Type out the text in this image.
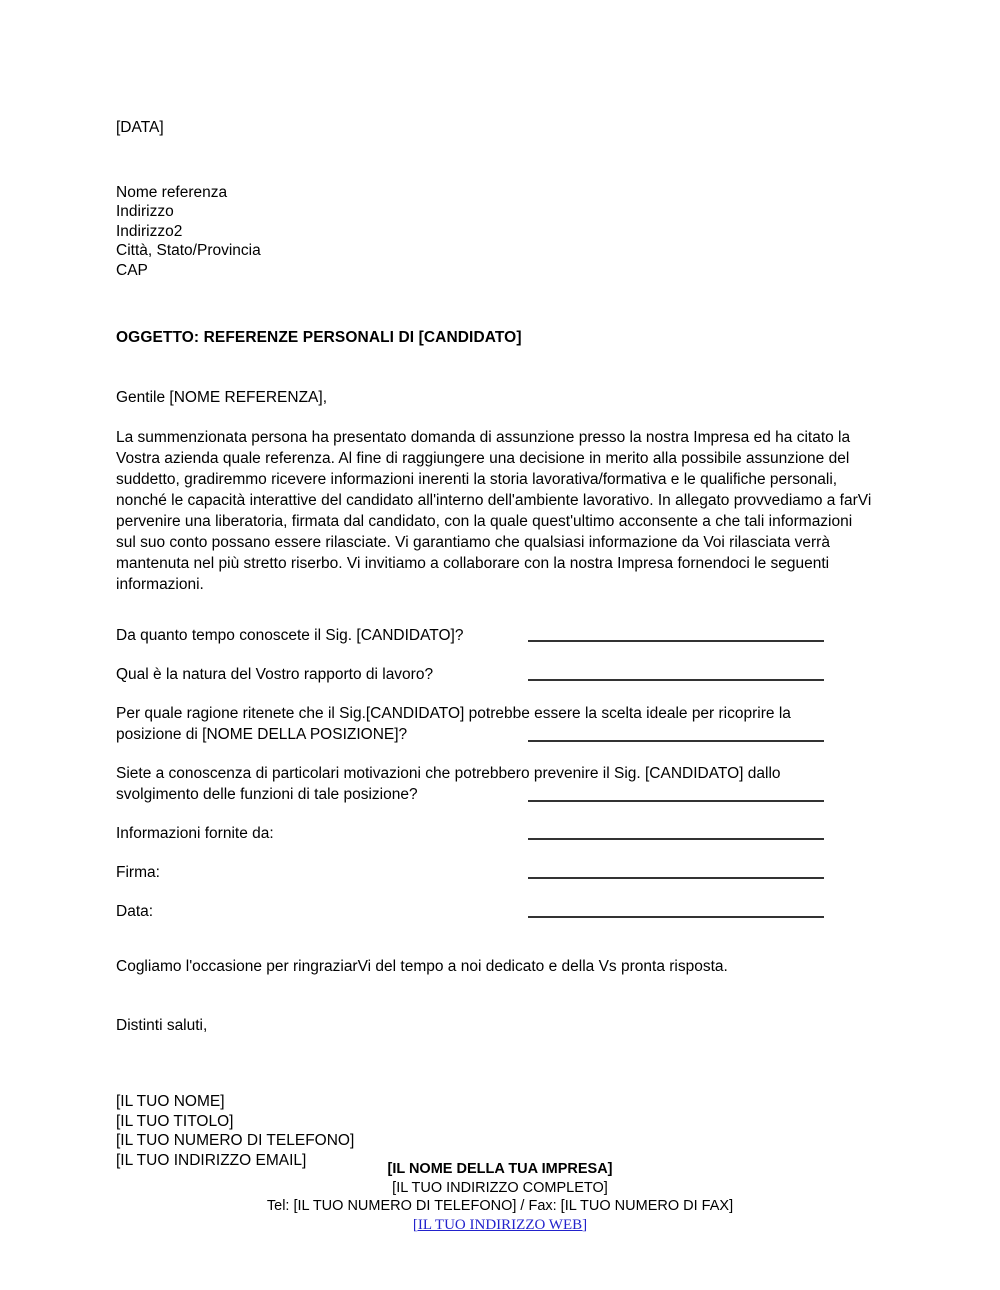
[DATA]
Nome referenza
Indirizzo
Indirizzo2
Città, Stato/Provincia
CAP
OGGETTO: REFERENZE PERSONALI DI [CANDIDATO]
Gentile [NOME REFERENZA],
La summenzionata persona ha presentato domanda di assunzione presso la nostra Impresa ed ha citato la Vostra azienda quale referenza. Al fine di raggiungere una decisione in merito alla possibile assunzione del suddetto, gradiremmo ricevere informazioni inerenti la storia lavorativa/formativa e le qualifiche personali, nonché le capacità interattive del candidato all'interno dell'ambiente lavorativo. In allegato provvediamo a farVi pervenire una liberatoria, firmata dal candidato, con la quale quest'ultimo acconsente a che tali informazioni sul suo conto possano essere rilasciate. Vi garantiamo che qualsiasi informazione da Voi rilasciata verrà mantenuta nel più stretto riserbo. Vi invitiamo a collaborare con la nostra Impresa fornendoci le seguenti informazioni.
Da quanto tempo conoscete il Sig. [CANDIDATO]?
Qual è la natura del Vostro rapporto di lavoro?
Per quale ragione ritenete che il Sig.[CANDIDATO] potrebbe essere la scelta ideale per ricoprire la posizione di [NOME DELLA POSIZIONE]?
Siete a conoscenza di particolari motivazioni che potrebbero prevenire il Sig. [CANDIDATO] dallo svolgimento delle funzioni di tale posizione?
Informazioni fornite da:
Firma:
Data:
Cogliamo l'occasione per ringraziarVi del tempo a noi dedicato e della Vs pronta risposta.
Distinti saluti,
[IL TUO NOME]
[IL TUO TITOLO]
[IL TUO NUMERO DI TELEFONO]
[IL TUO INDIRIZZO EMAIL]
[IL NOME DELLA TUA IMPRESA]
[IL TUO INDIRIZZO COMPLETO]
Tel: [IL TUO NUMERO DI TELEFONO] / Fax: [IL TUO NUMERO DI FAX]
[IL TUO INDIRIZZO WEB]
